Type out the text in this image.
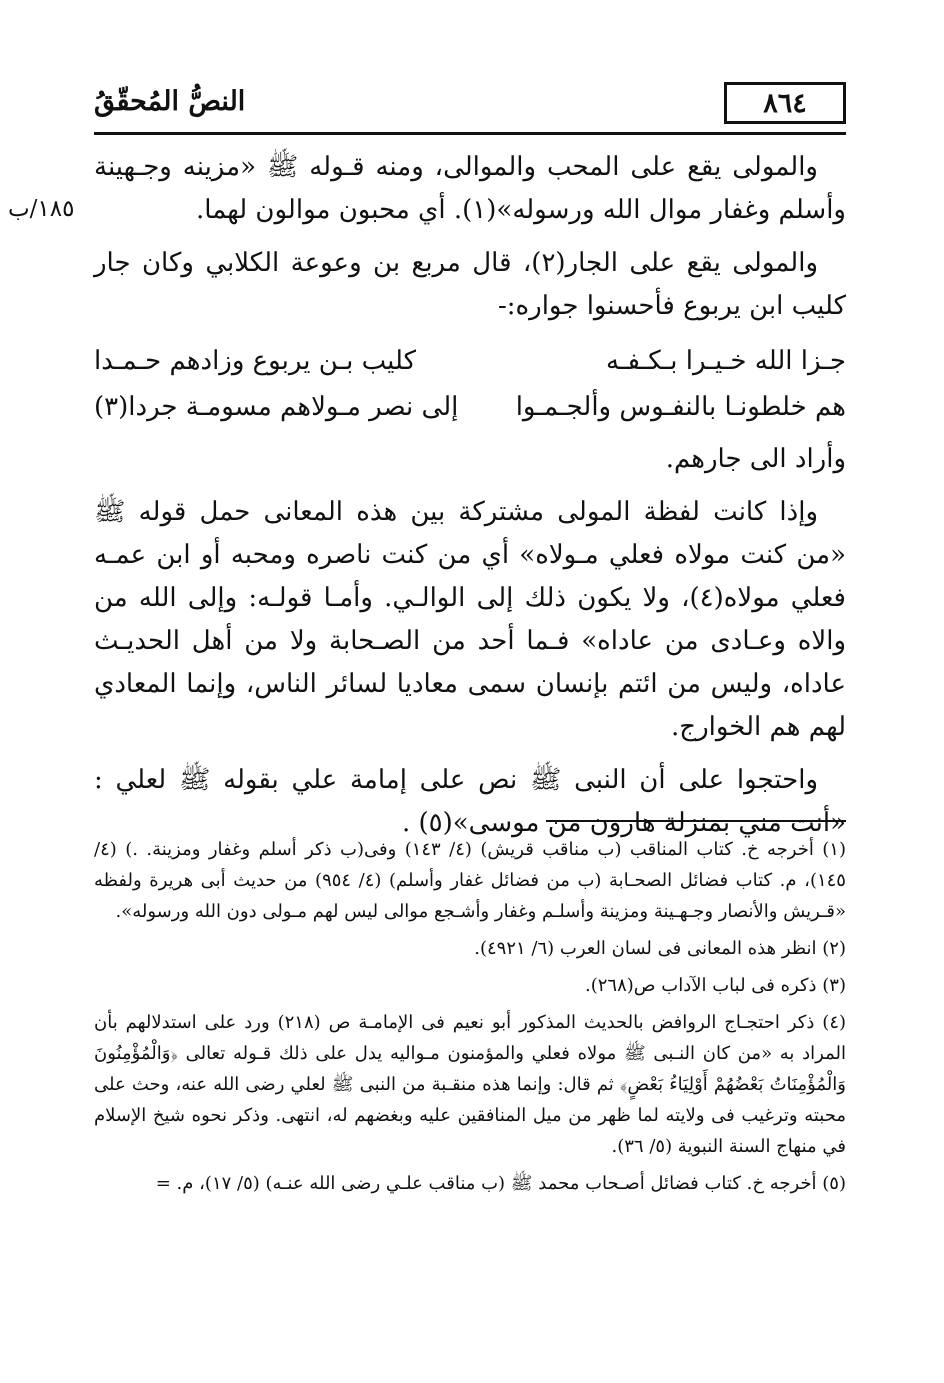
٨٦٤
النصُّ المُحقّقُ
١٨٥/ب

والمولى يقع على المحب والموالى، ومنه قـوله ﷺ «مزينه وجـهينة وأسلم وغفار موال الله ورسوله»(١). أي محبون موالون لهما.

والمولى يقع على الجار(٢)، قال مربع بن وعوعة الكلابي وكان جار كليب ابن يربوع فأحسنوا جواره:-

جـزا الله خـيـرا بـكـفـه
كليب بـن يربوع وزادهم حـمـدا
هم خلطونـا بالنفـوس وألجـمـوا
إلى نصر مـولاهم مسومـة جردا(٣)

وأراد الى جارهم.

وإذا كانت لفظة المولى مشتركة بين هذه المعانى حمل قوله ﷺ «من كنت مولاه فعلي مـولاه» أي من كنت ناصره ومحبه أو ابن عمـه فعلي مولاه(٤)، ولا يكون ذلك إلى الوالـي. وأمـا قولـه: وإلى الله من والاه وعـادى من عاداه» فـما أحد من الصـحابة ولا من أهل الحديـث عاداه، وليس من ائتم بإنسان سمى معاديا لسائر الناس، وإنما المعادي لهم هم الخوارج.

واحتجوا على أن النبى ﷺ نص على إمامة علي بقوله ﷺ لعلي : «أنت مني بمنزلة هارون من موسى»(٥) .

(١) أخرجه خ. كتاب المناقب (ب مناقب قريش) (٤/ ١٤٣) وفى(ب ذكر أسلم وغفار ومزينة. .) (٤/ ١٤٥)، م. كتاب فضائل الصحـابة (ب من فضائل غفار وأسلم) (٤/ ٩٥٤) من حديث أبى هريرة ولفظه «قـريش والأنصار وجـهـينة ومزينة وأسلـم وغفار وأشـجع موالى ليس لهم مـولى دون الله ورسوله».

(٢) انظر هذه المعانى فى لسان العرب (٦/ ٤٩٢١).

(٣) ذكره فى لباب الآداب ص(٢٦٨).

(٤) ذكر احتجـاج الروافض بالحديث المذكور أبو نعيم فى الإمامـة ص (٢١٨) ورد على استدلالهم بأن المراد به «من كان النـبى ﷺ مولاه فعلي والمؤمنون مـواليه يدل على ذلك قـوله تعالى ﴿وَالْمُؤْمِنُونَ وَالْمُؤْمِنَاتُ بَعْضُهُمْ أَوْلِيَاءُ بَعْضٍ﴾ ثم قال: وإنما هذه منقـبة من النبى ﷺ لعلي رضى الله عنه، وحث على محبته وترغيب فى ولايته لما ظهر من ميل المنافقين عليه وبغضهم له، انتهى. وذكر نحوه شيخ الإسلام في منهاج السنة النبوية (٥/ ٣٦).

(٥) أخرجه خ. كتاب فضائل أصـحاب محمد ﷺ (ب مناقب علـي رضى الله عنـه) (٥/ ١٧)، م. =
